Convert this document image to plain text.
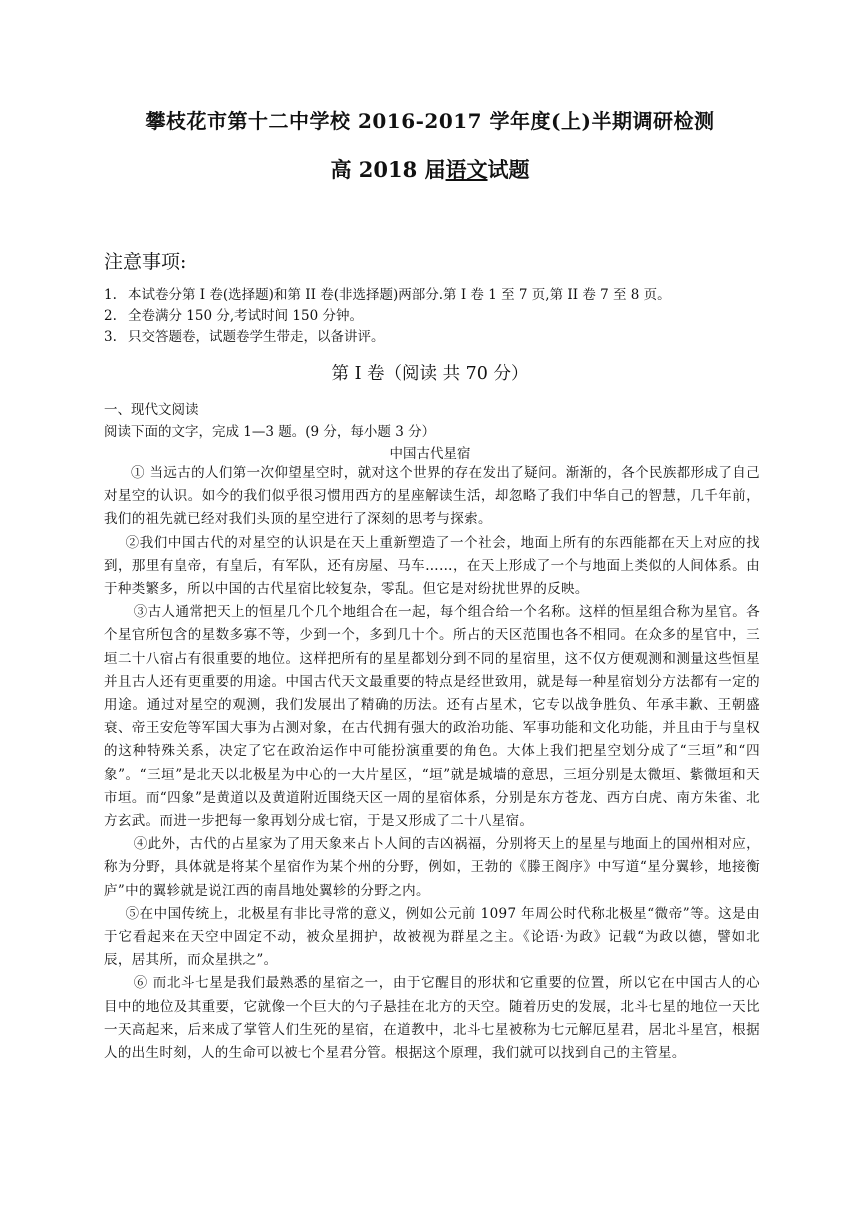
攀枝花市第十二中学校 2016-2017 学年度(上)半期调研检测
高 2018 届语文试题
注意事项:
1. 本试卷分第 I 卷(选择题)和第 II 卷(非选择题)两部分.第 I 卷 1 至 7 页,第 II 卷 7 至 8 页。
2. 全卷满分 150 分,考试时间 150 分钟。
3. 只交答题卷，试题卷学生带走，以备讲评。
第 I 卷（阅读 共 70 分）
一、现代文阅读
阅读下面的文字，完成 1—3 题。(9 分，每小题 3 分）
中国古代星宿

① 当远古的人们第一次仰望星空时，就对这个世界的存在发出了疑问。渐渐的，各个民族都形成了自己对星空的认识。如今的我们似乎很习惯用西方的星座解读生活，却忽略了我们中华自己的智慧，几千年前，我们的祖先就已经对我们头顶的星空进行了深刻的思考与探索。

②我们中国古代的对星空的认识是在天上重新塑造了一个社会，地面上所有的东西能都在天上对应的找到，那里有皇帝，有皇后，有军队，还有房屋、马车……，在天上形成了一个与地面上类似的人间体系。由于种类繁多，所以中国的古代星宿比较复杂，零乱。但它是对纷扰世界的反映。

③古人通常把天上的恒星几个几个地组合在一起，每个组合给一个名称。这样的恒星组合称为星官。各个星官所包含的星数多寡不等，少到一个，多到几十个。所占的天区范围也各不相同。在众多的星官中，三垣二十八宿占有很重要的地位。这样把所有的星星都划分到不同的星宿里，这不仅方便观测和测量这些恒星并且古人还有更重要的用途。中国古代天文最重要的特点是经世致用，就是每一种星宿划分方法都有一定的用途。通过对星空的观测，我们发展出了精确的历法。还有占星术，它专以战争胜负、年承丰歉、王朝盛衰、帝王安危等军国大事为占测对象，在古代拥有强大的政治功能、军事功能和文化功能，并且由于与皇权的这种特殊关系，决定了它在政治运作中可能扮演重要的角色。大体上我们把星空划分成了“三垣”和“四象”。“三垣”是北天以北极星为中心的一大片星区，“垣”就是城墙的意思，三垣分别是太微垣、紫微垣和天市垣。而“四象”是黄道以及黄道附近围绕天区一周的星宿体系，分别是东方苍龙、西方白虎、南方朱雀、北方玄武。而进一步把每一象再划分成七宿，于是又形成了二十八星宿。

④此外，古代的占星家为了用天象来占卜人间的吉凶祸福，分别将天上的星星与地面上的国州相对应，称为分野，具体就是将某个星宿作为某个州的分野，例如，王勃的《滕王阁序》中写道“星分翼轸，地接衡庐”中的翼轸就是说江西的南昌地处翼轸的分野之内。

⑤在中国传统上，北极星有非比寻常的意义，例如公元前 1097 年周公时代称北极星“微帝”等。这是由于它看起来在天空中固定不动，被众星拥护，故被视为群星之主。《论语·为政》记载“为政以德，譬如北辰，居其所，而众星拱之”。

⑥ 而北斗七星是我们最熟悉的星宿之一，由于它醒目的形状和它重要的位置，所以它在中国古人的心目中的地位及其重要，它就像一个巨大的勺子悬挂在北方的天空。随着历史的发展，北斗七星的地位一天比一天高起来，后来成了掌管人们生死的星宿，在道教中，北斗七星被称为七元解厄星君，居北斗星宫，根据人的出生时刻，人的生命可以被七个星君分管。根据这个原理，我们就可以找到自己的主管星。
